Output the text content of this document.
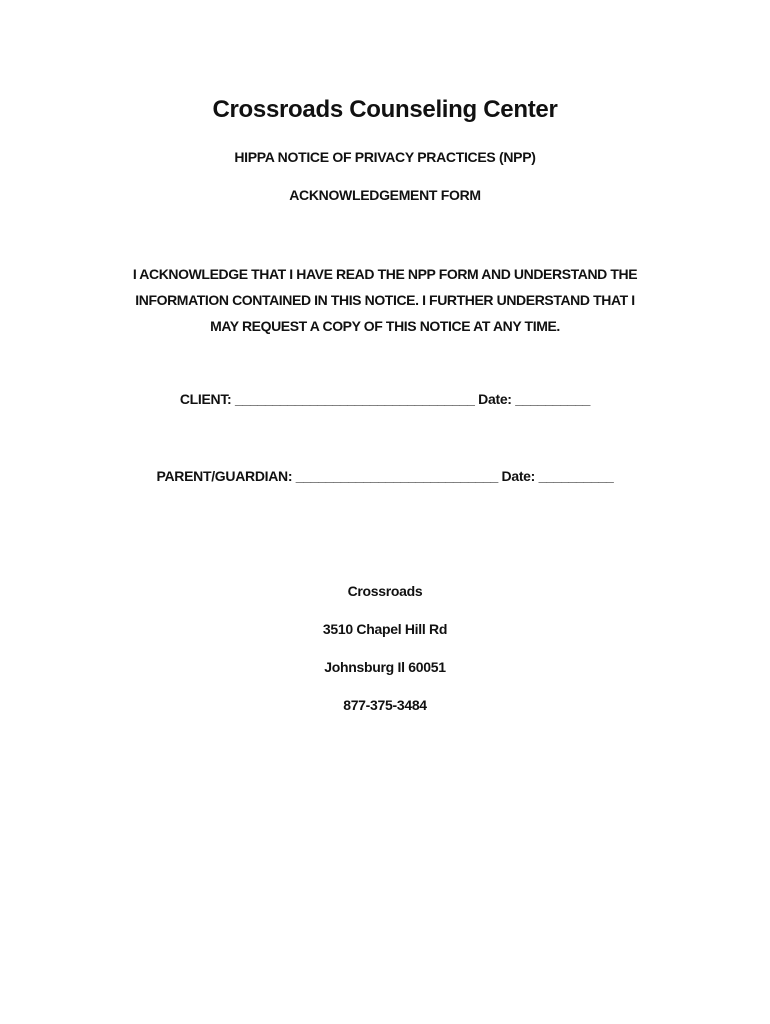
Crossroads Counseling Center
HIPPA NOTICE OF PRIVACY PRACTICES (NPP)
ACKNOWLEDGEMENT FORM
I ACKNOWLEDGE THAT I HAVE READ THE NPP FORM AND UNDERSTAND THE
INFORMATION CONTAINED IN THIS NOTICE. I FURTHER UNDERSTAND THAT I
MAY REQUEST A COPY OF THIS NOTICE AT ANY TIME.
CLIENT: ________________________________ Date: __________
PARENT/GUARDIAN: ___________________________ Date: __________
Crossroads
3510 Chapel Hill Rd
Johnsburg Il 60051
877-375-3484
